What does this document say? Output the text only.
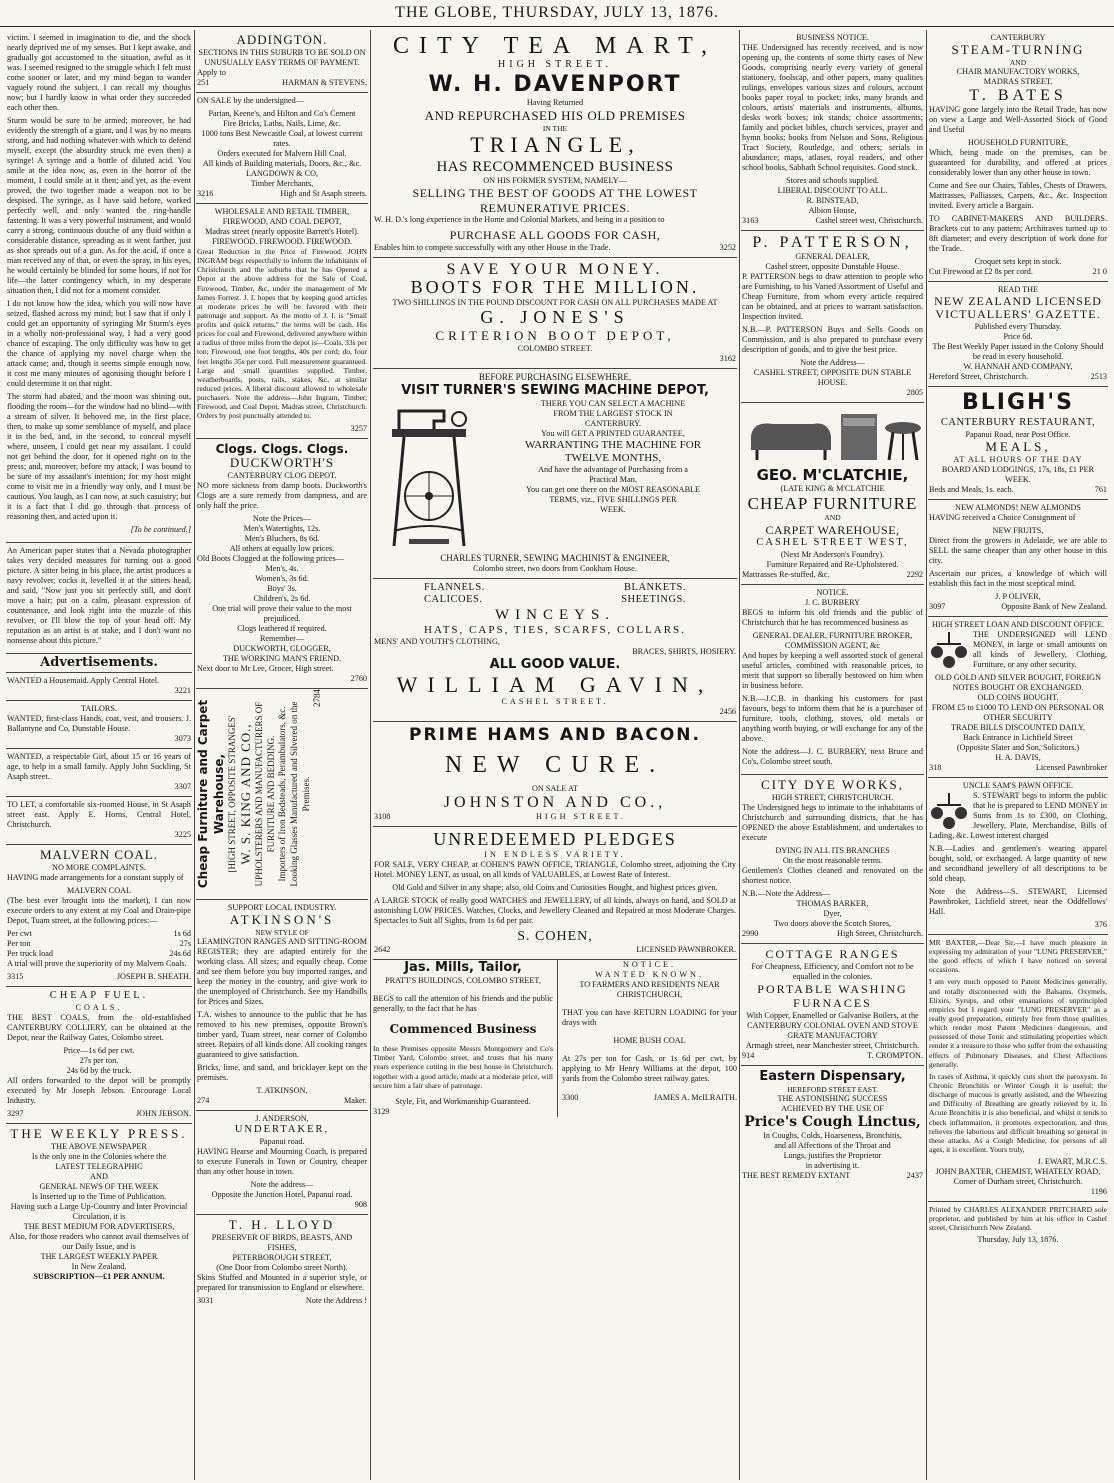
THE GLOBE, THURSDAY, JULY 13, 1876.

victim. I seemed in imagination to die, and the shock nearly deprived me of my senses. But I kept awake, and gradually got accustomed to the situation, awful as it was. I seemed resigned to the struggle which I felt must come sooner or later, and my mind began to wander vaguely round the subject. I can recall my thoughts now; but I hardly know in what order they succeeded each other then.

Sturm would be sure to be armed; moreover, he had evidently the strength of a giant, and I was by no means strong, and had nothing whatever with which to defend myself, except (the absurdity struck me even then) a syringe! A syringe and a bottle of diluted acid. You smile at the idea now, as, even in the horror of the moment, I could smile at it then; and yet, as the event proved, the two together made a weapon not to be despised. The syringe, as I have said before, worked perfectly well, and only wanted the ring-handle fastening. It was a very powerful instrument, and would carry a strong, continuous douche of any fluid within a considerable distance, spreading as it went farther, just as shot spreads out of a gun. As for the acid, if once a man received any of that, or even the spray, in his eyes, he would certainly be blinded for some hours, if not for life—the latter contingency which, in my desperate situation then, I did not for a moment consider.

I do not know how the idea, which you will now have seized, flashed across my mind; but I saw that if only I could get an opportunity of syringing Mr Sturm's eyes in a wholly non-professional way, I had a very good chance of escaping. The only difficulty was how to get the chance of applying my novel charge when the attack came; and, though it seems simple enough now, it cost me many minutes of agonising thought before I could determine it on that night.

The storm had abated, and the moon was shining out, flooding the room—for the window had no blind—with a stream of silver. It behoved me, in the first place, then, to make up some semblance of myself, and place it in the bed, and, in the second, to conceal myself where, unseen, I could get near my assailant. I could not get behind the door, for it opened right on to the press; and, moreover, before my attack, I was bound to be sure of my assailant's intention; for my host might come to visit me in a friendly way only, and I must be cautious. You laugh, as I can now, at such casuistry; but it is a fact that I did go through that process of reasoning then, and acted upon it.

[To be continued.]

An American paper states that a Nevada photographer takes very decided measures for turning out a good picture. A sitter being in his place, the artist produces a navy revolver, cocks it, levelled it at the sitters head, and said, "Now just you sit perfectly still, and don't move a hair; put on a calm, pleasant expression of countenance, and look right into the muzzle of this revolver, or I'll blow the top of your head off. My reputation as an artist is at stake, and I don't want no nonsense about this picture."

Advertisements.
WANTED a Housemaid. Apply Central Hotel.
3221
TAILORS.
WANTED, first-class Hands, coat, vest, and trousers. J. Ballantyne and Co, Dunstable House.
3073
WANTED, a respectable Girl, about 15 or 16 years of age, to help in a small family. Apply John Suckling, St Asaph street.
3307
TO LET, a comfortable six-roomed House, in St Asaph street east. Apply E. Horns, Central Hotel, Christchurch.
3225
MALVERN COAL.
NO MORE COMPLAINTS.

HAVING made arrangements for a constant supply of

MALVERN COAL

(The best ever brought into the market), I can now execute orders to any extent at my Coal and Drain-pipe Depot, Tuam street, at the following prices:—

Per cwt	1s 6d
Per ton	27s
Per truck load	24s 6d

A trial will prove the superiority of my Malvern Coals.

3315	JOSEPH B. SHEATH.
CHEAP FUEL.
COALS.

THE BEST COALS, from the old-established CANTERBURY COLLIERY, can be obtained at the Depot, near the Railway Gates, Colombo street.

Price—1s 6d per cwt.
27s per ton.
24s 6d by the truck.

All orders forwarded to the depot will be promptly executed by Mr Joseph Jebson. Encourage Local Industry.

3297	JOHN JEBSON.
THE WEEKLY PRESS.
THE ABOVE NEWSPAPER
Is the only one in the Colonies where the
LATEST TELEGRAPHIC
AND
GENERAL NEWS OF THE WEEK
Is Inserted up to the Time of Publication.
Having such a Large Up-Country and Inter Provincial Circulation, it is
THE BEST MEDIUM FOR ADVERTISERS,
Also, for those readers who cannot avail themselves of our Daily Issue, and is
THE LARGEST WEEKLY PAPER
In New Zealand.
SUBSCRIPTION—£1 PER ANNUM.
ADDINGTON.
SECTIONS IN THIS SUBURB TO BE SOLD ON UNUSUALLY EASY TERMS OF PAYMENT.
Apply to
251	HARMAN & STEVENS.

ON SALE by the undersigned—

Parian, Keene's, and Hilton and Co's Cement
Fire Bricks, Laths, Nails, Lime, &c.
1000 tons Best Newcastle Coal, at lowest current rates.
Orders executed for Malvern Hill Coal.
All kinds of Building materials, Doors, &c., &c.
LANGDOWN & CO,
Timber Merchants,
3216	High and St Asaph streets.
WHOLESALE AND RETAIL TIMBER, FIREWOOD, AND COAL DEPOT,
Madras street (nearly opposite Barrett's Hotel).
FIREWOOD. FIREWOOD. FIREWOOD.

Great Reduction in the Price of Firewood. JOHN INGRAM begs respectfully to inform the inhabitants of Christchurch and the suburbs that he has Opened a Depot at the above address for the Sale of Coal, Firewood, Timber, &c, under the management of Mr James Forrest. J. I. hopes that by keeping good articles at moderate prices he will be favored with their patronage and support. As the motto of J. I. is "Small profits and quick returns," the terms will be cash. His prices for coal and Firewood, delivered anywhere within a radius of three miles from the depot is—Coals, 33s per ton; Firewood, one foot lengths, 40s per cord; do, four feet lengths 35s per cord. Full measurement guaranteed. Large and small quantities supplied. Timber, weatherboards, posts, rails, stakes, &c, at similar reduced prices. A liberal discount allowed to wholesale purchasers. Note the address—John Ingram, Timber, Firewood, and Coal Depot, Madras street, Christchurch. Orders by post punctually attended to.

3257
Clogs. Clogs. Clogs.
DUCKWORTH'S
CANTERBURY CLOG DEPOT.

NO more sickness from damp boots. Duckworth's Clogs are a sure remedy from dampness, and are only half the price.

Note the Prices—
Men's Watertights, 12s.
Men's Bluchers, 8s 6d.
All others at equally low prices.
Old Boots Clogged at the following prices—
Men's, 4s.
Women's, 3s 6d.
Boys' 3s.
Children's, 2s 6d.
One trial will prove their value to the most prejudiced.
Clogs leathered if required.
Remember—
DUCKWORTH, CLOGGER,
THE WORKING MAN'S FRIEND.
Next door to Mr Lee, Grocer, High street.
2760
Cheap Furniture and Carpet Warehouse, [HIGH STREET, OPPOSITE STRANGES' W. S. KING AND CO., UPHOLSTERERS AND MANUFACTURERS OF FURNITURE AND BEDDING. Importers of Iron Bedsteads, Perambulators, &c. Looking Glasses Manufactured and Silvered on the Premises.
2784
SUPPORT LOCAL INDUSTRY.
ATKINSON'S
NEW STYLE OF

LEAMINGTON RANGES AND SITTING-ROOM REGISTER; they are adapted entirely for the working class. All sizes; and equally cheap. Come and see them before you buy imported ranges, and keep the money in the country, and give work to the unemployed of Christchurch. See my Handbills for Prices and Sizes.

T.A. wishes to announce to the public that he has removed to his new premises, opposite Brown's timber yard, Tuam street, near corner of Colombo street. Repairs of all kinds done. All cooking ranges guaranteed to give satisfaction.

Bricks, lime, and sand, and bricklayer kept on the premises.

T. ATKINSON,
274	Maker.
J. ANDERSON,
UNDERTAKER,
Papanui road.

HAVING Hearse and Mourning Coach, is prepared to execute Funerals in Town or Country, cheaper than any other house in town.

Note the address—
Opposite the Junction Hotel, Papanui road.
908
T. H. LLOYD
PRESERVER OF BIRDS, BEASTS, AND FISHES,
PETERBOROUGH STREET,
(One Door from Colombo street North).

Skins Stuffed and Mounted in a superior style, or prepared for transmission to England or elsewhere.

3031	Note the Address !
CITY TEA MART,
HIGH STREET.
W. H. DAVENPORT
Having Returned
AND REPURCHASED HIS OLD PREMISES
IN THE
TRIANGLE,
HAS RECOMMENCED BUSINESS
ON HIS FORMER SYSTEM, NAMELY—
SELLING THE BEST OF GOODS AT THE LOWEST
REMUNERATIVE PRICES.

W. H. D.'s long experience in the Home and Colonial Markets, and being in a position to

PURCHASE ALL GOODS FOR CASH,
Enables him to compete successfully with any other House in the Trade.	3252
SAVE YOUR MONEY.
BOOTS FOR THE MILLION.
TWO SHILLINGS IN THE POUND DISCOUNT FOR CASH ON ALL PURCHASES MADE AT
G. JONES'S
CRITERION BOOT DEPOT,
COLOMBO STREET.
3162
BEFORE PURCHASING ELSEWHERE,
VISIT TURNER'S SEWING MACHINE DEPOT,
THERE YOU CAN SELECT A MACHINE
FROM THE LARGEST STOCK IN
CANTERBURY.
You will GET A PRINTED GUARANTEE,
WARRANTING THE MACHINE FOR
TWELVE MONTHS,
And have the advantage of Purchasing from a
Practical Man.
You can get one there on the MOST REASONABLE
TERMS, viz., FIVE SHILLINGS PER
WEEK.
CHARLES TURNER, SEWING MACHINIST & ENGINEER,
Colombo street, two doors from Cookham House.
FLANNELS.	BLANKETS.
CALICOES.	SHEETINGS.
WINCEYS.
HATS, CAPS, TIES, SCARFS, COLLARS.
MENS' AND YOUTH'S CLOTHING,
BRACES, SHIRTS, HOSIERY.
ALL GOOD VALUE.
WILLIAM GAVIN,
CASHEL STREET.
2456
PRIME HAMS AND BACON.
NEW CURE.
ON SALE AT
JOHNSTON AND CO.,
3108	HIGH STREET.
UNREDEEMED PLEDGES
IN ENDLESS VARIETY.

FOR SALE, VERY CHEAP, at COHEN'S PAWN OFFICE, TRIANGLE, Colombo street, adjoining the City Hotel. MONEY LENT, as usual, on all kinds of VALUABLES, at Lowest Rate of Interest.

Old Gold and Silver in any shape; also, old Coins and Curiosities Bought, and highest prices given.

A LARGE STOCK of really good WATCHES and JEWELLERY, of all kinds, always on hand, and SOLD at astonishing LOW PRICES. Watches, Clocks, and Jewellery Cleaned and Repaired at most Moderate Charges. Spectacles to Suit all Sights, from 1s 6d per pair.

S. COHEN,
2642	LICENSED PAWNBROKER.
Jas. Mills, Tailor,
PRATT'S BUILDINGS, COLOMBO STREET,

BEGS to call the attention of his friends and the public generally, to the fact that he has

Commenced Business

In these Premises opposite Messrs Montgomery and Co's Timber Yard, Colombo street, and trusts that his many years experience cutting in the best house in Christchurch, together with a good article, made at a moderate price, will secure him a fair share of patronage.

Style, Fit, and Workmanship Guaranteed.
3129
NOTICE.
WANTED KNOWN.
TO FARMERS AND RESIDENTS NEAR CHRISTCHURCH,

THAT you can have RETURN LOADING for your drays with

HOME BUSH COAL

At 27s per ton for Cash, or 1s 6d per cwt, by applying to Mr Henry Williams at the depot, 100 yards from the Colombo street railway gates.

3300	JAMES A. McILRAITH.
BUSINESS NOTICE.

THE Undersigned has recently received, and is now opening up, the contents of some thirty cases of New Goods, comprising nearly every variety of general stationery, foolscap, and other papers, many qualities rulings, envelopes various sizes and colours, account books paper royal to pocket; inks, many brands and colours, artists' materials and instruments, albums, desks work boxes; ink stands; choice assortments; family and pocket bibles, church services, prayer and hymn books; books from Nelson and Sons, Religious Tract Society, Routledge, and others; serials in abundance; maps, atlases, royal readers, and other school books, Sabbath School requisites. Good stock.

Stores and schools supplied.
LIBERAL DISCOUNT TO ALL.
R. BINSTEAD,
Albion House,
3163	Cashel street west, Christchurch.
P. PATTERSON,
GENERAL DEALER,
Cashel street, opposite Dunstable House.

P. PATTERSON begs to draw attention to people who are Furnishing, to his Varied Assortment of Useful and Cheap Furniture, from whom every article required can be obtained, and at prices to warrant satisfaction. Inspection invited.

N.B.—P. PATTERSON Buys and Sells Goods on Commission, and is also prepared to purchase every description of goods, and to give the best price.

Note the Address—
CASHEL STREET, OPPOSITE DUN STABLE HOUSE.
2805
GEO. M'CLATCHIE,
(LATE KING & M'CLATCHIE
CHEAP FURNITURE
AND
CARPET WAREHOUSE,
CASHEL STREET WEST,
(Next Mr Anderson's Foundry).
Furniture Repaired and Re-Upholstered.
Mattrasses Re-stuffed, &c.	2292
NOTICE.
J. C. BURBERY

BEGS to inform his old friends and the public of Christchurch that he has recommenced business as

GENERAL DEALER, FURNITURE BROKER, COMMISSION AGENT, &c

And hopes by keeping a well assorted stock of general useful articles, combined with reasonable prices, to merit that support so liberally bestowed on him when in business before.

N.B.—J.C.B. in thanking his customers for past favours, begs to inform them that he is a purchaser of furniture, tools, clothing, stoves, old metals or anything worth buying, or will exchange for any of the above.

Note the address—J. C. BURBERY, next Bruce and Co's, Colombo street south.

CITY DYE WORKS,
HIGH STREET, CHRISTCHURCH.

The Undersigned begs to intimate to the inhabitants of Christchurch and surrounding districts, that he has OPENED the above Establishment, and undertakes to execute

DYING IN ALL ITS BRANCHES
On the most reasonable terms.

Gentlemen's Clothes cleaned and renovated on the shortest notice.

N.B.—Note the Address—
THOMAS BARKER,
Dyer,
Two doors above the Scotch Stores,
2990	High Street, Christchurch.
COTTAGE RANGES
For Cheapness, Efficiency, and Comfort not to be equalled in the colonies.
PORTABLE WASHING FURNACES
With Copper, Enamelled or Galvanise Boilers, at the
CANTERBURY COLONIAL OVEN AND STOVE GRATE MANUFACTORY
Armagh street, near Manchester street, Christchurch.
914	T. CROMPTON.
Eastern Dispensary,
HEREFORD STREET EAST.
THE ASTONISHING SUCCESS
ACHIEVED BY THE USE OF
Price's Cough Linctus,
In Coughs, Colds, Hoarseness, Bronchitis,
and all Affections of the Throat and
Lungs, justifies the Proprietor
in advertising it.
THE BEST REMEDY EXTANT	2437
CANTERBURY
STEAM-TURNING
AND
CHAIR MANUFACTORY WORKS,
MADRAS STREET.
T. BATES

HAVING gone largely into the Retail Trade, has now on view a Large and Well-Assorted Stock of Good and Useful

HOUSEHOLD FURNITURE,

Which, being made on the premises, can be guaranteed for durability, and offered at prices considerably lower than any other house in town.

Come and See our Chairs, Tables, Chests of Drawers, Mattrasses, Palliasses, Carpets, &c., &c. Inspection invited. Every article a Bargain.

TO CABINET-MAKERS AND BUILDERS. Brackets cut to any pattern; Architraves turned up to 8ft diameter; and every description of work done for the Trade.

Croquet sets kept in stock.
Cut Firewood at £2 8s per cord.	21 0
READ THE
NEW ZEALAND LICENSED VICTUALLERS' GAZETTE.
Published every Thursday.
Price 6d.
The Best Weekly Paper issued in the Colony Should be read in every household.
W. HANNAH AND COMPANY,
Hereford Street, Christchurch.	2513
BLIGH'S
CANTERBURY RESTAURANT,
Papanui Road, near Post Office.
MEALS,
AT ALL HOURS OF THE DAY
BOARD AND LODGINGS, 17s, 18s, £1 PER WEEK.
Beds and Meals, 1s. each.	761
NEW ALMONDS! NEW ALMONDS

HAVING received a Choice Consignment of

NEW FRUITS,

Direct from the growers in Adelaide, we are able to SELL the same cheaper than any other house in this city.

Ascertain our prices, a knowledge of which will establish this fact in the most sceptical mind.

J. P OLIVER,
3097	Opposite Bank of New Zealand.
HIGH STREET LOAN AND DISCOUNT OFFICE.

THE UNDERSIGNED will LEND MONEY, in large or small amounts on all kinds of Jewellery, Clothing, Furniture, or any other security.

OLD GOLD AND SILVER BOUGHT, FOREIGN NOTES BOUGHT OR EXCHANGED.
OLD COINS BOUGHT.
FROM £5 to £1000 TO LEND ON PERSONAL OR OTHER SECURITY
TRADE BILLS DISCOUNTED DAILY,
Back Entrance in Lichfield Street
(Opposite Slater and Son, Solicitors.)
H. A. DAVIS,
318	Licensed Pawnbroker
UNCLE SAM'S PAWN OFFICE.

S. STEWART begs to inform the public that he is prepared to LEND MONEY in Sums from 1s to £300, on Clothing, Jewellery, Plate, Merchandise, Bills of Lading, &c. Lowest interest charged

N.B.—Ladies and gentlemen's wearing apparel bought, sold, or exchanged. A large quantity of new and secondhand jewellery of all descriptions to be sold cheap.

Note the Address—S. STEWART, Licensed Pawnbroker, Lichfield street, near the Oddfellows' Hall.

376

MR BAXTER,—Dear Sir,—I have much pleasure in expressing my admiration of your "LUNG PRESERVER," the good effects of which I have noticed on several occasions.

I am very much opposed to Patent Medicines generally, and totally disconnected with the Balsams, Oxymels, Elixirs, Syrups, and other emanations of unprincipled empirics but I regard your "LUNG PRESERVER" as a really good preparation, entirely free from those qualities which render most Patent Medicines dangerous, and possessed of those Tonic and stimulating properties which render it a treasure to those who suffer from the exhausting effects of Pulmonary Diseases, and Chest Affections generally.

In cases of Asthma, it quickly cuts short the paroxysm. In Chronic Bronchitis or Winter Cough it is useful; the discharge of mucous is greatly assisted, and the Wheezing and Difficulty of Breathing are greatly relieved by it. In Acute Bronchitis it is also beneficial, and whilst it tends to check inflammation, it promotes expectoration, and thus relieves the laborious and difficult breathing so general in these attacks. As a Cough Medicine, for persons of all ages, it is excellent. Yours truly,

J. EWART, M.R.C.S.
JOHN BAXTER, CHEMIST, WHATELY ROAD,
Corner of Durham street, Christchurch.
1196

Printed by CHARLES ALEXANDER PRITCHARD sole proprietor, and published by him at his office in Cashel street, Christchurch New Zealand.

Thursday, July 13, 1876.
